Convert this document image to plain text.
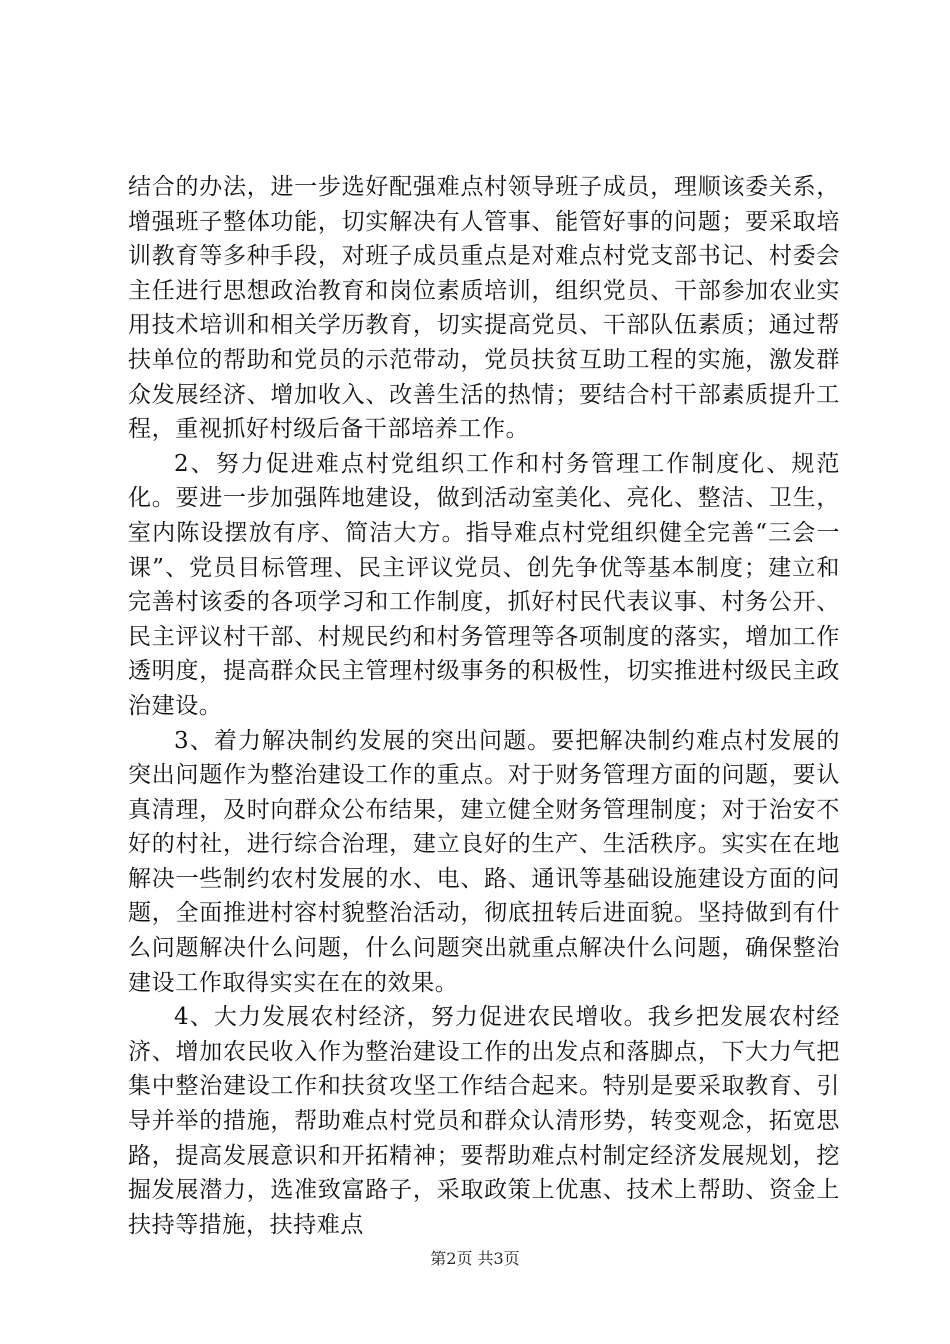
结合的办法，进一步选好配强难点村领导班子成员，理顺该委关系，增强班子整体功能，切实解决有人管事、能管好事的问题；要采取培训教育等多种手段，对班子成员重点是对难点村党支部书记、村委会主任进行思想政治教育和岗位素质培训，组织党员、干部参加农业实用技术培训和相关学历教育，切实提高党员、干部队伍素质；通过帮扶单位的帮助和党员的示范带动，党员扶贫互助工程的实施，激发群众发展经济、增加收入、改善生活的热情；要结合村干部素质提升工程，重视抓好村级后备干部培养工作。

2、努力促进难点村党组织工作和村务管理工作制度化、规范化。要进一步加强阵地建设，做到活动室美化、亮化、整洁、卫生，室内陈设摆放有序、简洁大方。指导难点村党组织健全完善“三会一课”、党员目标管理、民主评议党员、创先争优等基本制度；建立和完善村该委的各项学习和工作制度，抓好村民代表议事、村务公开、民主评议村干部、村规民约和村务管理等各项制度的落实，增加工作透明度，提高群众民主管理村级事务的积极性，切实推进村级民主政治建设。

3、着力解决制约发展的突出问题。要把解决制约难点村发展的突出问题作为整治建设工作的重点。对于财务管理方面的问题，要认真清理，及时向群众公布结果，建立健全财务管理制度；对于治安不好的村社，进行综合治理，建立良好的生产、生活秩序。实实在在地解决一些制约农村发展的水、电、路、通讯等基础设施建设方面的问题，全面推进村容村貌整治活动，彻底扭转后进面貌。坚持做到有什么问题解决什么问题，什么问题突出就重点解决什么问题，确保整治建设工作取得实实在在的效果。

4、大力发展农村经济，努力促进农民增收。我乡把发展农村经济、增加农民收入作为整治建设工作的出发点和落脚点，下大力气把集中整治建设工作和扶贫攻坚工作结合起来。特别是要采取教育、引导并举的措施，帮助难点村党员和群众认清形势，转变观念，拓宽思路，提高发展意识和开拓精神；要帮助难点村制定经济发展规划，挖掘发展潜力，选准致富路子，采取政策上优惠、技术上帮助、资金上扶持等措施，扶持难点

第2页 共3页
